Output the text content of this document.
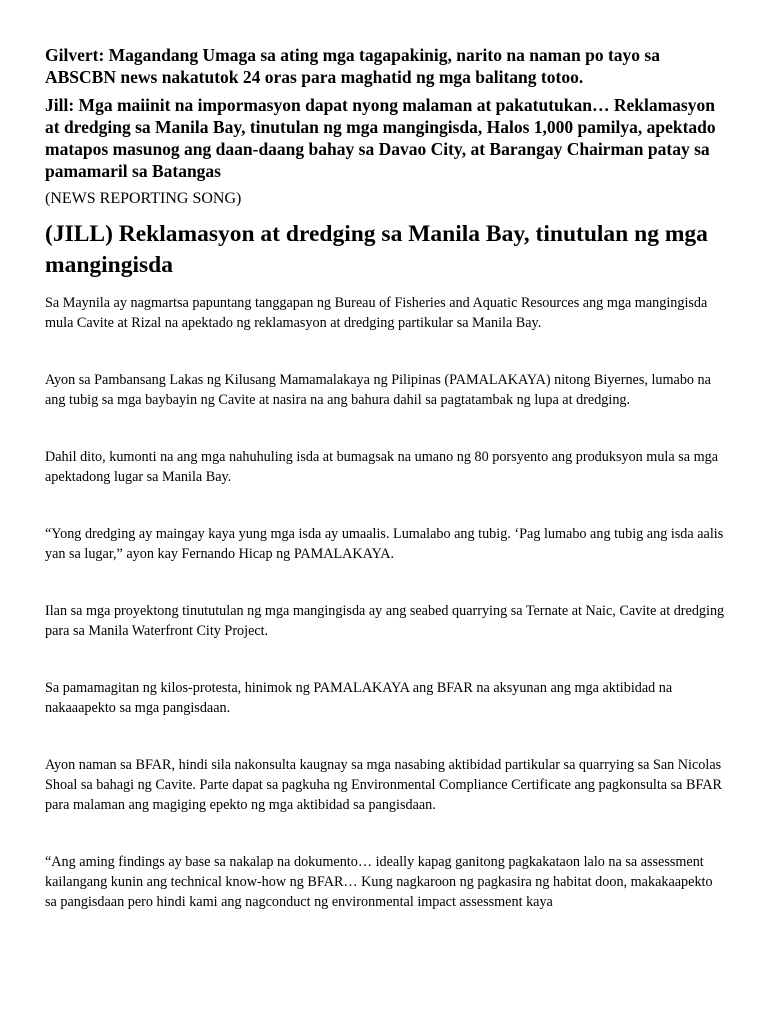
Gilvert: Magandang Umaga sa ating mga tagapakinig, narito na naman po tayo sa ABSCBN news nakatutok 24 oras para maghatid ng mga balitang totoo.

Jill: Mga maiinit na impormasyon dapat nyong malaman at pakatutukan… Reklamasyon at dredging sa Manila Bay, tinutulan ng mga mangingisda, Halos 1,000 pamilya, apektado matapos masunog ang daan-daang bahay sa Davao City, at Barangay Chairman patay sa pamamaril sa Batangas

(NEWS REPORTING SONG)

(JILL) Reklamasyon at dredging sa Manila Bay, tinutulan ng mga mangingisda

Sa Maynila ay nagmartsa papuntang tanggapan ng Bureau of Fisheries and Aquatic Resources ang mga mangingisda mula Cavite at Rizal na apektado ng reklamasyon at dredging partikular sa Manila Bay.

Ayon sa Pambansang Lakas ng Kilusang Mamamalakaya ng Pilipinas (PAMALAKAYA) nitong Biyernes, lumabo na ang tubig sa mga baybayin ng Cavite at nasira na ang bahura dahil sa pagtatambak ng lupa at dredging.

Dahil dito, kumonti na ang mga nahuhuling isda at bumagsak na umano ng 80 porsyento ang produksyon mula sa mga apektadong lugar sa Manila Bay.

“Yong dredging ay maingay kaya yung mga isda ay umaalis. Lumalabo ang tubig. ‘Pag lumabo ang tubig ang isda aalis yan sa lugar,” ayon kay Fernando Hicap ng PAMALAKAYA.

Ilan sa mga proyektong tinututulan ng mga mangingisda ay ang seabed quarrying sa Ternate at Naic, Cavite at dredging para sa Manila Waterfront City Project.

Sa pamamagitan ng kilos-protesta, hinimok ng PAMALAKAYA ang BFAR na aksyunan ang mga aktibidad na nakaaapekto sa mga pangisdaan.

Ayon naman sa BFAR, hindi sila nakonsulta kaugnay sa mga nasabing aktibidad partikular sa quarrying sa San Nicolas Shoal sa bahagi ng Cavite. Parte dapat sa pagkuha ng Environmental Compliance Certificate ang pagkonsulta sa BFAR para malaman ang magiging epekto ng mga aktibidad sa pangisdaan.

“Ang aming findings ay base sa nakalap na dokumento… ideally kapag ganitong pagkakataon lalo na sa assessment kailangang kunin ang technical know-how ng BFAR… Kung nagkaroon ng pagkasira ng habitat doon, makakaapekto sa pangisdaan pero hindi kami ang nagconduct ng environmental impact assessment kaya
